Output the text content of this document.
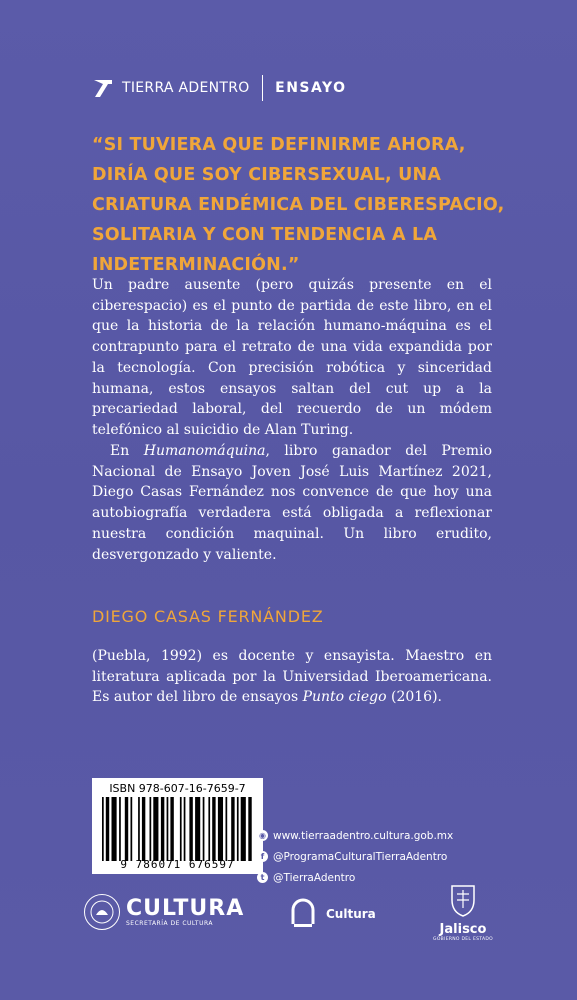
TIERRA ADENTRO ENSAYO
“SI TUVIERA QUE DEFINIRME AHORA, DIRÍA QUE SOY CIBERSEXUAL, UNA CRIATURA ENDÉMICA DEL CIBERESPACIO, SOLITARIA Y CON TENDENCIA A LA INDETERMINACIÓN.”
Un padre ausente (pero quizás presente en el ciberespacio) es el punto de partida de este libro, en el que la historia de la relación humano-máquina es el contrapunto para el retrato de una vida expandida por la tecnología. Con precisión robótica y sinceridad humana, estos ensayos saltan del cut up a la precariedad laboral, del recuerdo de un módem telefónico al suicidio de Alan Turing.
En Humanomáquina, libro ganador del Premio Nacional de Ensayo Joven José Luis Martínez 2021, Diego Casas Fernández nos convence de que hoy una autobiografía verdadera está obligada a reflexionar nuestra condición maquinal. Un libro erudito, desvergonzado y valiente.
DIEGO CASAS FERNÁNDEZ
(Puebla, 1992) es docente y ensayista. Maestro en literatura aplicada por la Universidad Iberoamericana. Es autor del libro de ensayos Punto ciego (2016).
ISBN 978-607-16-7659-7
9 786071 676597
◉ www.tierraadentro.cultura.gob.mx
f @ProgramaCulturalTierraAdentro
t @TierraAdentro
CULTURA
SECRETARÍA DE CULTURA
Cultura
Jalisco
GOBIERNO DEL ESTADO
